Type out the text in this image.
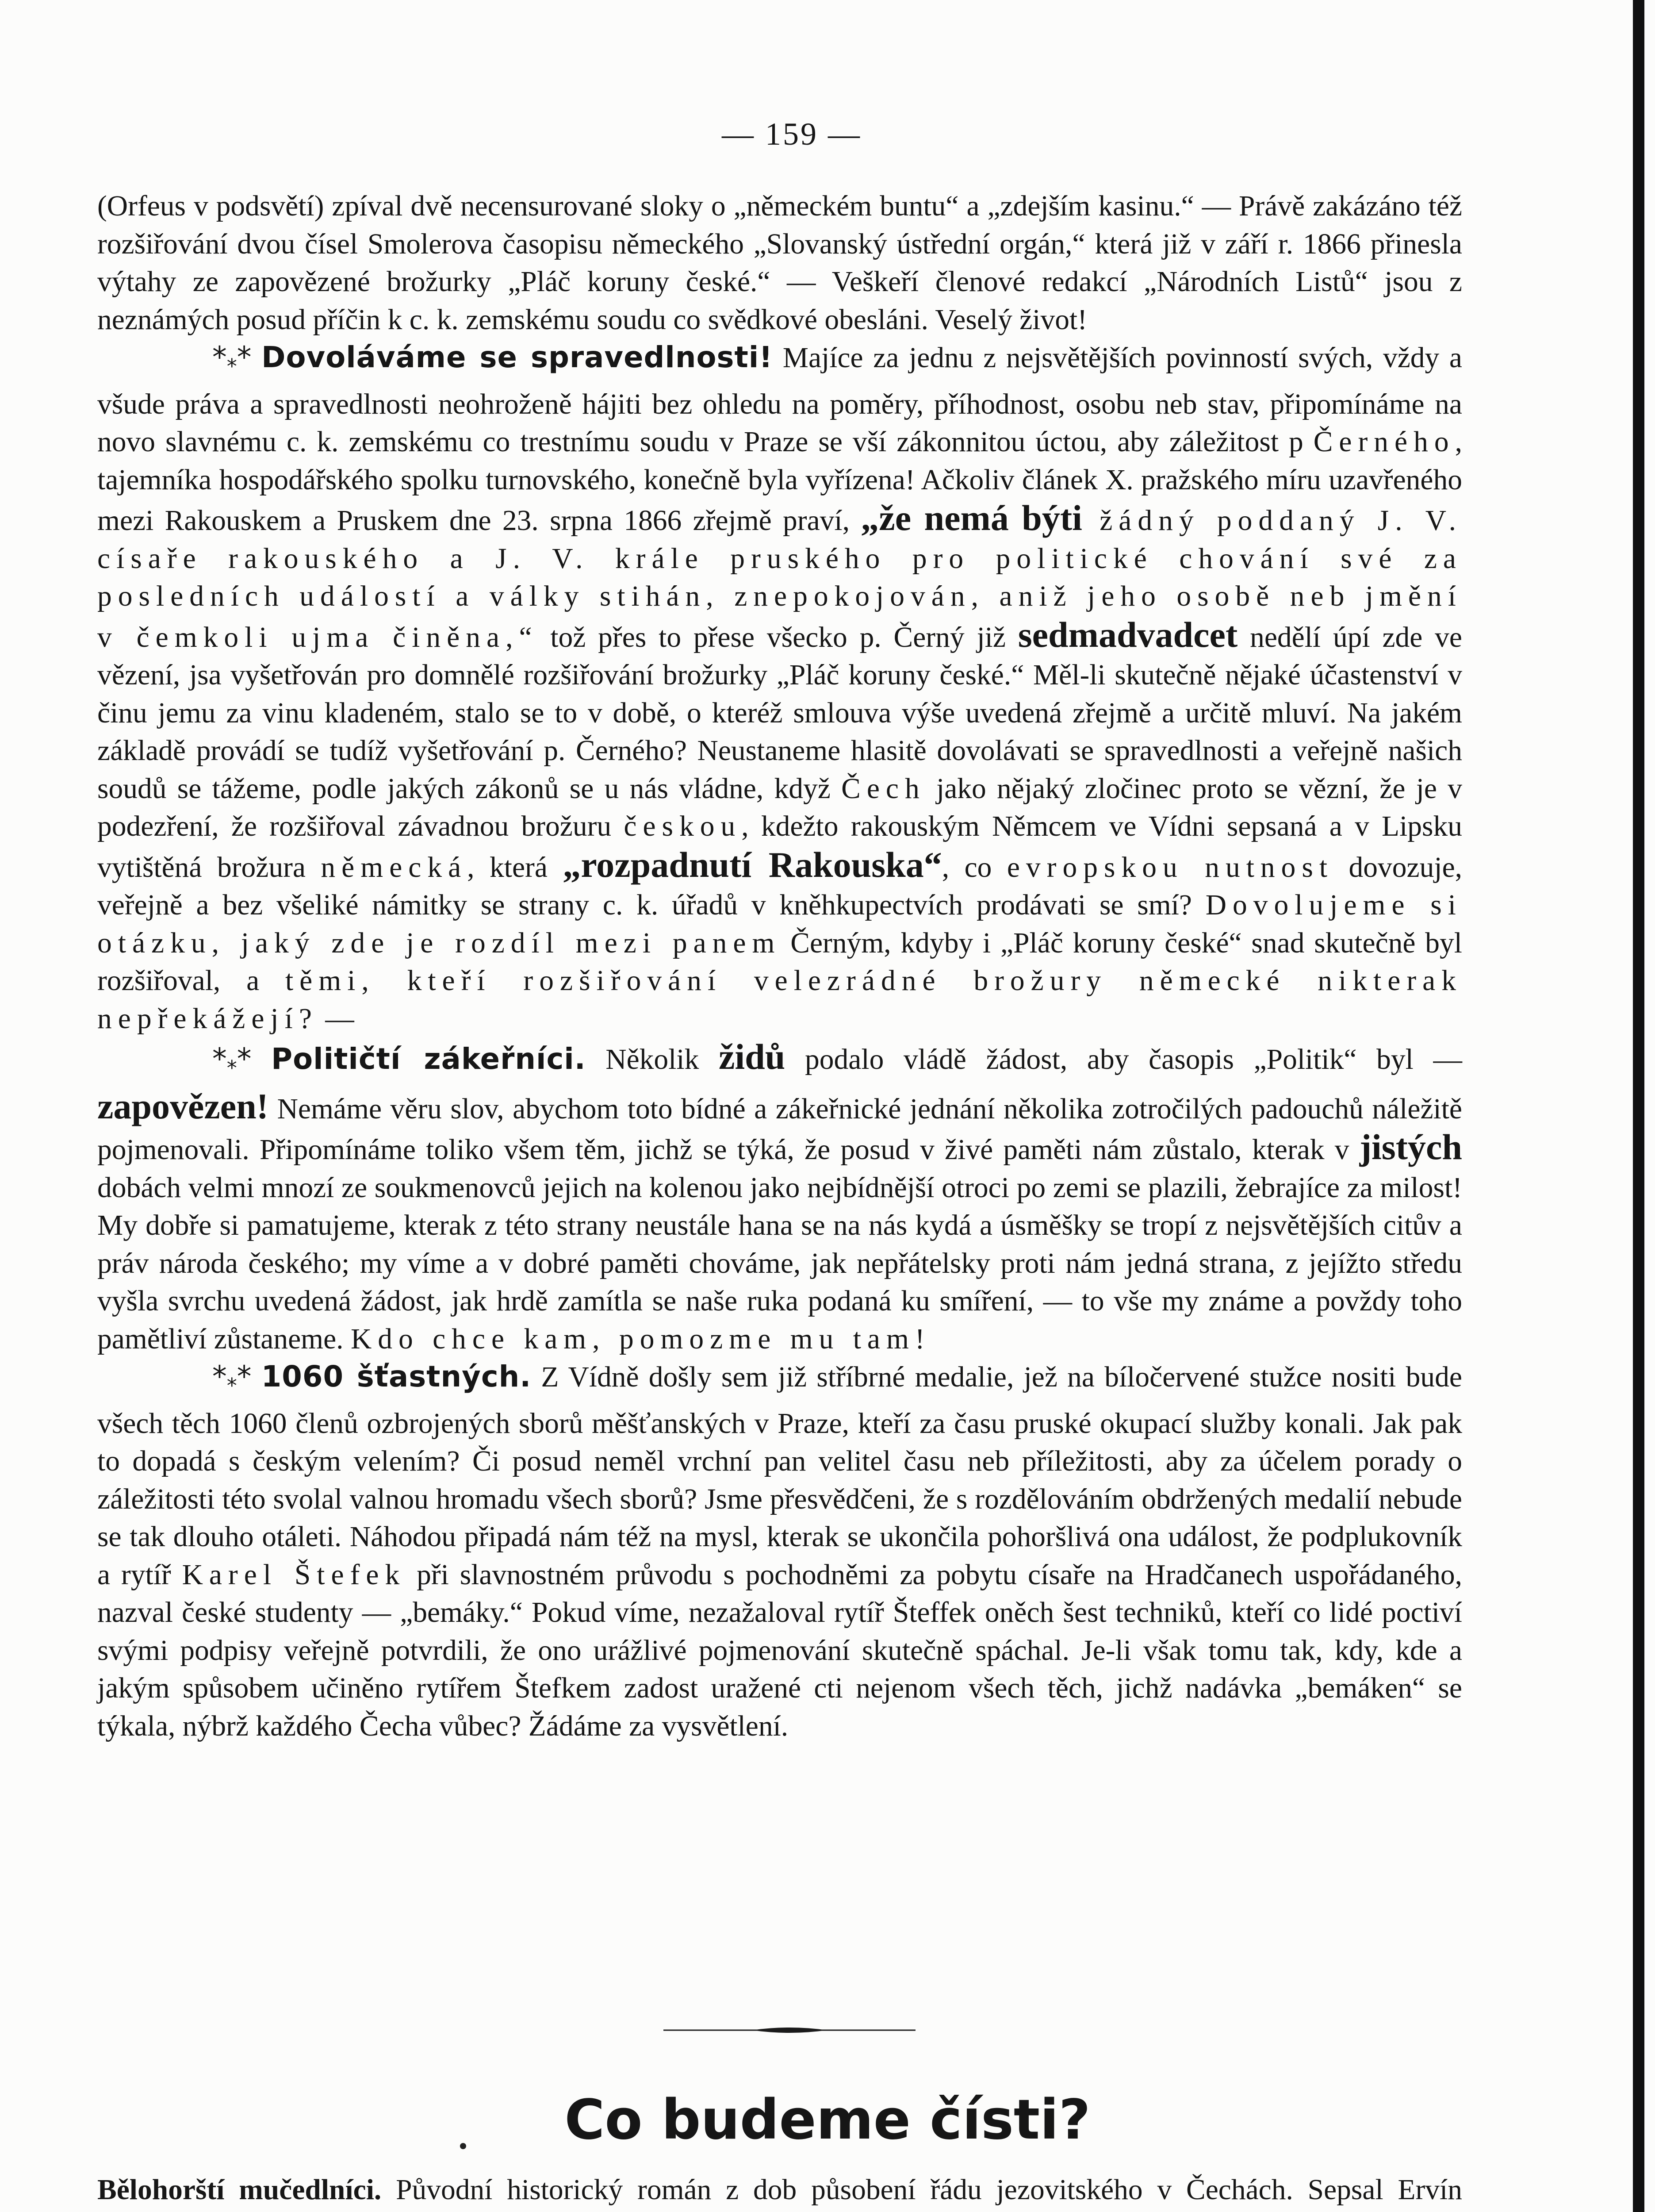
— 159 —

(Orfeus v podsvětí) zpíval dvě necensurované sloky o „německém buntu“ a „zdejším kasinu.“ — Právě zakázáno též rozšiřování dvou čísel Smolerova časopisu německého „Slovanský ústřední orgán,“ která již v září r. 1866 přinesla výtahy ze zapovězené brožurky „Pláč koruny české.“ — Veškeří členové redakcí „Národních Listů“ jsou z neznámých posud příčin k c. k. zemskému soudu co svědkové obesláni. Veselý život!

$*_**$ Dovoláváme se spravedlnosti! Majíce za jednu z nejsvětějších povinností svých, vždy a všude práva a spravedlnosti neohroženě hájiti bez ohledu na poměry, příhodnost, osobu neb stav, připomínáme na novo slavnému c. k. zemskému co trestnímu soudu v Praze se vší zákonnitou úctou, aby záležitost p Černého, tajemníka hospodářského spolku turnovského, konečně byla vyřízena! Ačkoliv článek X. pražského míru uzavřeného mezi Rakouskem a Pruskem dne 23. srpna 1866 zřejmě praví, „že nemá býti žádný poddaný J. V. císaře rakouského a J. V. krále pruského pro politické chování své za posledních událostí a války stihán, znepokojován, aniž jeho osobě neb jmění v čemkoli ujma činěna,“ tož přes to přese všecko p. Černý již sedmadvadcet nedělí úpí zde ve vězení, jsa vyšetřován pro domnělé rozšiřování brožurky „Pláč koruny české.“ Měl-li skutečně nějaké účastenství v činu jemu za vinu kladeném, stalo se to v době, o kteréž smlouva výše uvedená zřejmě a určitě mluví. Na jakém základě provádí se tudíž vyšetřování p. Černého? Neustaneme hlasitě dovolávati se spravedlnosti a veřejně našich soudů se tážeme, podle jakých zákonů se u nás vládne, když Čech jako nějaký zločinec proto se vězní, že je v podezření, že rozšiřoval závadnou brožuru českou, kdežto rakouským Němcem ve Vídni sepsaná a v Lipsku vytištěná brožura německá, která „rozpadnutí Rakouska“, co evropskou nutnost dovozuje, veřejně a bez všeliké námitky se strany c. k. úřadů v kněhkupectvích prodávati se smí? Dovolujeme si otázku, jaký zde je rozdíl mezi panem Černým, kdyby i „Pláč koruny české“ snad skutečně byl rozšiřoval, a těmi, kteří rozšiřování velezrádné brožury německé nikterak nepřekážejí? —

$*_**$ Političtí zákeřníci. Několik židů podalo vládě žádost, aby časopis „Politik“ byl — zapovězen! Nemáme věru slov, abychom toto bídné a zákeřnické jednání několika zotročilých padouchů náležitě pojmenovali. Připomínáme toliko všem těm, jichž se týká, že posud v živé paměti nám zůstalo, kterak v jistých dobách velmi mnozí ze soukmenovců jejich na kolenou jako nejbídnější otroci po zemi se plazili, žebrajíce za milost! My dobře si pamatujeme, kterak z této strany neustále hana se na nás kydá a úsměšky se tropí z nejsvětějších citův a práv národa českého; my víme a v dobré paměti chováme, jak nepřátelsky proti nám jedná strana, z jejížto středu vyšla svrchu uvedená žádost, jak hrdě zamítla se naše ruka podaná ku smíření, — to vše my známe a povždy toho pamětliví zůstaneme. Kdo chce kam, pomozme mu tam!

$*_**$ 1060 šťastných. Z Vídně došly sem již stříbrné medalie, jež na bíločervené stužce nositi bude všech těch 1060 členů ozbrojených sborů měšťanských v Praze, kteří za času pruské okupací služby konali. Jak pak to dopadá s českým velením? Či posud neměl vrchní pan velitel času neb příležitosti, aby za účelem porady o záležitosti této svolal valnou hromadu všech sborů? Jsme přesvědčeni, že s rozdělováním obdržených medalií nebude se tak dlouho otáleti. Náhodou připadá nám též na mysl, kterak se ukončila pohoršlivá ona událost, že podplukovník a rytíř Karel Štefek při slavnostném průvodu s pochodněmi za pobytu císaře na Hradčanech uspořádaného, nazval české studenty — „bemáky.“ Pokud víme, nezažaloval rytíř Šteffek oněch šest techniků, kteří co lidé poctiví svými podpisy veřejně potvrdili, že ono urážlivé pojmenování skutečně spáchal. Je-li však tomu tak, kdy, kde a jakým spůsobem učiněno rytířem Štefkem zadost uražené cti nejenom všech těch, jichž nadávka „bemáken“ se týkala, nýbrž každého Čecha vůbec? Žádáme za vysvětlení.

Co budeme čísti?

Bělohorští mučedlníci. Původní historický román z dob působení řádu jezovitského v Čechách. Sepsal Ervín
